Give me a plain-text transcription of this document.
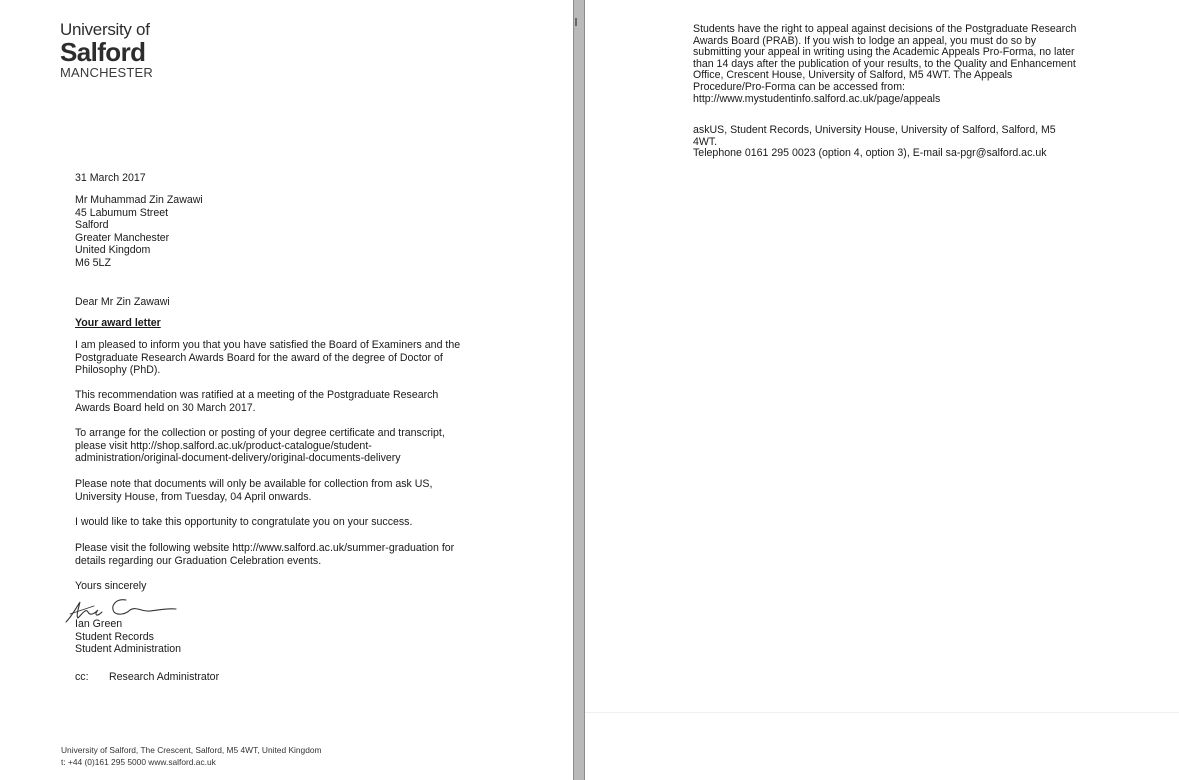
University of
Salford
MANCHESTER
31 March 2017
Mr Muhammad Zin Zawawi
45 Labumum Street
Salford
Greater Manchester
United Kingdom
M6 5LZ
Dear Mr Zin Zawawi
Your award letter
I am pleased to inform you that you have satisfied the Board of Examiners and the
Postgraduate Research Awards Board for the award of the degree of Doctor of
Philosophy (PhD).
This recommendation was ratified at a meeting of the Postgraduate Research
Awards Board held on 30 March 2017.
To arrange for the collection or posting of your degree certificate and transcript,
please visit http://shop.salford.ac.uk/product-catalogue/student-
administration/original-document-delivery/original-documents-delivery
Please note that documents will only be available for collection from ask US,
University House, from Tuesday, 04 April onwards.
I would like to take this opportunity to congratulate you on your success.
Please visit the following website http://www.salford.ac.uk/summer-graduation for
details regarding our Graduation Celebration events.
Yours sincerely
Ian Green
Student Records
Student Administration
cc: Research Administrator
University of Salford, The Crescent, Salford, M5 4WT, United Kingdom
t: +44 (0)161 295 5000 www.salford.ac.uk
Students have the right to appeal against decisions of the Postgraduate Research
Awards Board (PRAB). If you wish to lodge an appeal, you must do so by
submitting your appeal in writing using the Academic Appeals Pro-Forma, no later
than 14 days after the publication of your results, to the Quality and Enhancement
Office, Crescent House, University of Salford, M5 4WT. The Appeals
Procedure/Pro-Forma can be accessed from:
http://www.mystudentinfo.salford.ac.uk/page/appeals
askUS, Student Records, University House, University of Salford, Salford, M5
4WT.
Telephone 0161 295 0023 (option 4, option 3), E-mail sa-pgr@salford.ac.uk
